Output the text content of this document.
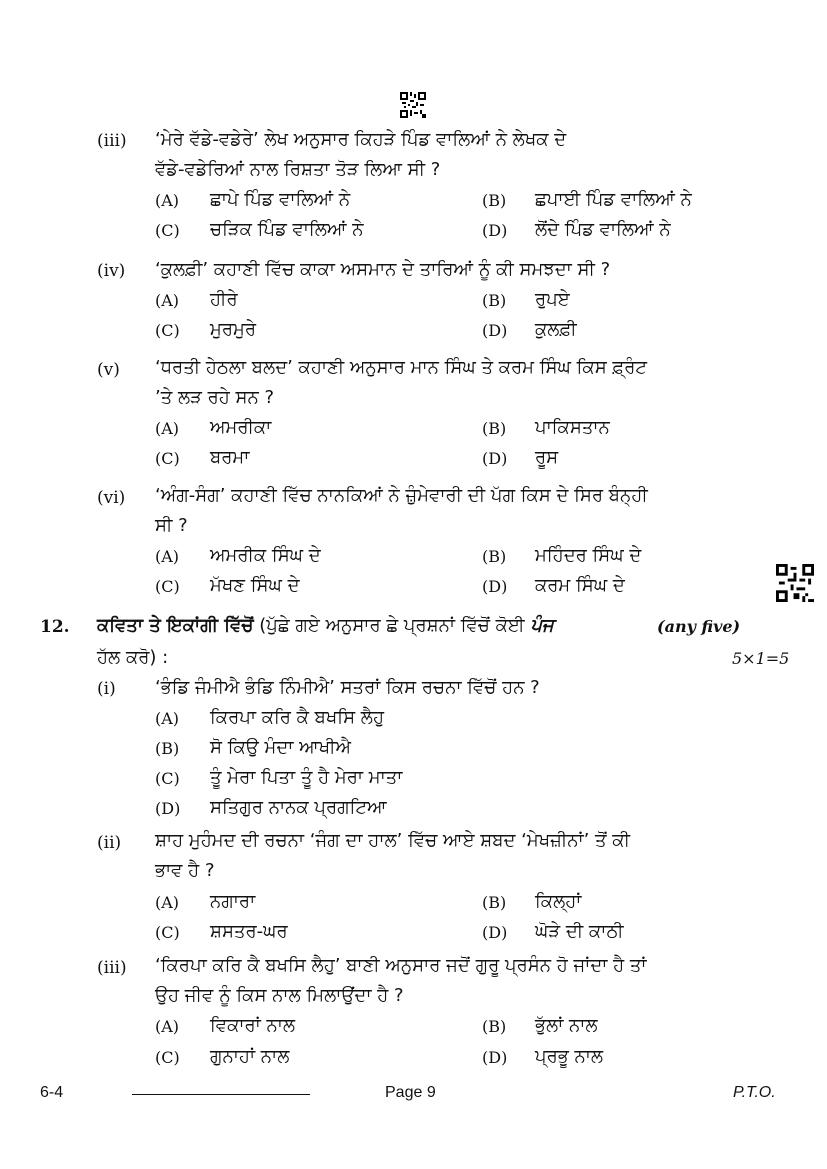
(iii) ‘ਮੇਰੇ ਵੱਡੇ-ਵਡੇਰੇ’ ਲੇਖ ਅਨੁਸਾਰ ਕਿਹੜੇ ਪਿੰਡ ਵਾਲਿਆਂ ਨੇ ਲੇਖਕ ਦੇ
ਵੱਡੇ-ਵਡੇਰਿਆਂ ਨਾਲ ਰਿਸ਼ਤਾ ਤੋੜ ਲਿਆ ਸੀ ?
(A) ਛਾਪੇ ਪਿੰਡ ਵਾਲਿਆਂ ਨੇ	(B) ਛਪਾਈ ਪਿੰਡ ਵਾਲਿਆਂ ਨੇ
(C) ਚੜਿਕ ਪਿੰਡ ਵਾਲਿਆਂ ਨੇ	(D) ਲੋਂਦੇ ਪਿੰਡ ਵਾਲਿਆਂ ਨੇ
(iv) ‘ਕੁਲਫ਼ੀ’ ਕਹਾਣੀ ਵਿੱਚ ਕਾਕਾ ਅਸਮਾਨ ਦੇ ਤਾਰਿਆਂ ਨੂੰ ਕੀ ਸਮਝਦਾ ਸੀ ?
(A) ਹੀਰੇ	(B) ਰੁਪਏ
(C) ਮੁਰਮੁਰੇ	(D) ਕੁਲਫ਼ੀ
(v) ‘ਧਰਤੀ ਹੇਠਲਾ ਬਲਦ’ ਕਹਾਣੀ ਅਨੁਸਾਰ ਮਾਨ ਸਿੰਘ ਤੇ ਕਰਮ ਸਿੰਘ ਕਿਸ ਫ਼੍ਰੰਟ
’ਤੇ ਲੜ ਰਹੇ ਸਨ ?
(A) ਅਮਰੀਕਾ	(B) ਪਾਕਿਸਤਾਨ
(C) ਬਰਮਾ	(D) ਰੂਸ
(vi) ‘ਅੰਗ-ਸੰਗ’ ਕਹਾਣੀ ਵਿੱਚ ਨਾਨਕਿਆਂ ਨੇ ਜ਼ੁੰਮੇਵਾਰੀ ਦੀ ਪੱਗ ਕਿਸ ਦੇ ਸਿਰ ਬੰਨ੍ਹੀ
ਸੀ ?
(A) ਅਮਰੀਕ ਸਿੰਘ ਦੇ	(B) ਮਹਿੰਦਰ ਸਿੰਘ ਦੇ
(C) ਮੱਖਣ ਸਿੰਘ ਦੇ	(D) ਕਰਮ ਸਿੰਘ ਦੇ
12. ਕਵਿਤਾ ਤੇ ਇਕਾਂਗੀ ਵਿੱਚੋਂ (ਪੁੱਛੇ ਗਏ ਅਨੁਸਾਰ ਛੇ ਪ੍ਰਸ਼ਨਾਂ ਵਿੱਚੋਂ ਕੋਈ ਪੰਜ	(any five)
ਹੱਲ ਕਰੋ) :	5×1=5
(i) ‘ਭੰਡਿ ਜੰਮੀਐ ਭੰਡਿ ਨਿੰਮੀਐ’ ਸਤਰਾਂ ਕਿਸ ਰਚਨਾ ਵਿੱਚੋਂ ਹਨ ?
(A) ਕਿਰਪਾ ਕਰਿ ਕੈ ਬਖਸਿ ਲੈਹੁ
(B) ਸੋ ਕਿਉ ਮੰਦਾ ਆਖੀਐ
(C) ਤੂੰ ਮੇਰਾ ਪਿਤਾ ਤੂੰ ਹੈ ਮੇਰਾ ਮਾਤਾ
(D) ਸਤਿਗੁਰ ਨਾਨਕ ਪ੍ਰਗਟਿਆ
(ii) ਸ਼ਾਹ ਮੁਹੰਮਦ ਦੀ ਰਚਨਾ ‘ਜੰਗ ਦਾ ਹਾਲ’ ਵਿੱਚ ਆਏ ਸ਼ਬਦ ‘ਮੇਖਜ਼ੀਨਾਂ’ ਤੋਂ ਕੀ
ਭਾਵ ਹੈ ?
(A) ਨਗਾਰਾ	(B) ਕਿਲ੍ਹਾਂ
(C) ਸ਼ਸਤਰ-ਘਰ	(D) ਘੋੜੇ ਦੀ ਕਾਠੀ
(iii) ‘ਕਿਰਪਾ ਕਰਿ ਕੈ ਬਖਸਿ ਲੈਹੁ’ ਬਾਣੀ ਅਨੁਸਾਰ ਜਦੋਂ ਗੁਰੂ ਪ੍ਰਸੰਨ ਹੋ ਜਾਂਦਾ ਹੈ ਤਾਂ
ਉਹ ਜੀਵ ਨੂੰ ਕਿਸ ਨਾਲ ਮਿਲਾਉਂਦਾ ਹੈ ?
(A) ਵਿਕਾਰਾਂ ਨਾਲ	(B) ਭੁੱਲਾਂ ਨਾਲ
(C) ਗੁਨਾਹਾਂ ਨਾਲ	(D) ਪ੍ਰਭੂ ਨਾਲ
6-4	Page 9	P.T.O.
